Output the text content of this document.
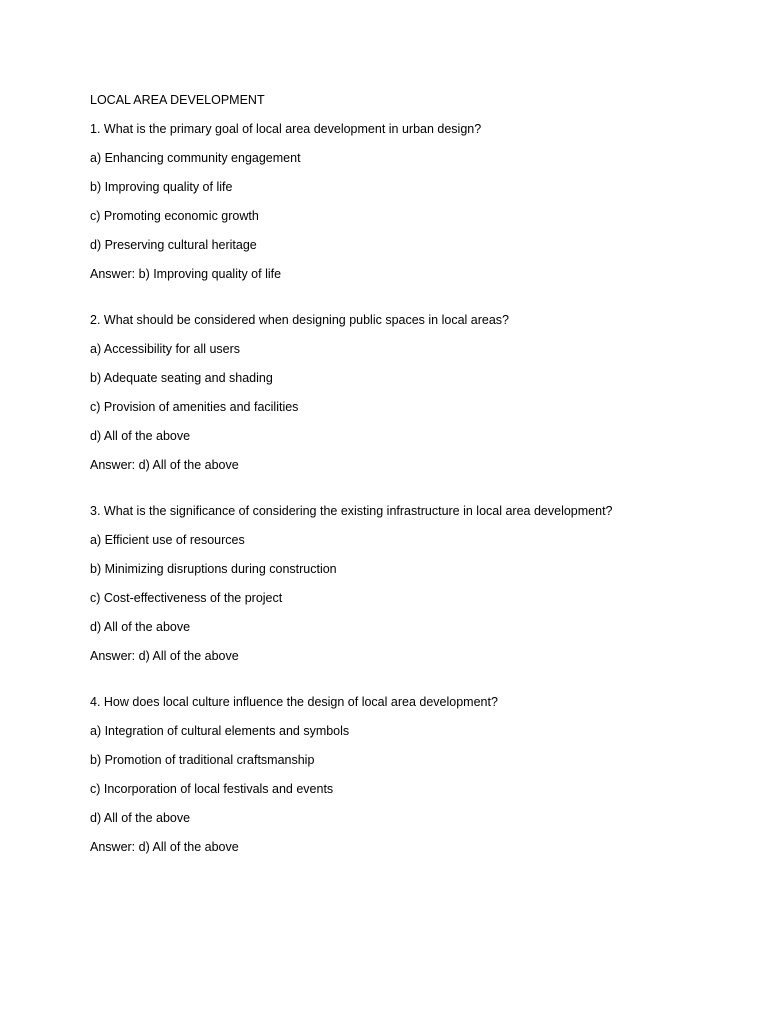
LOCAL AREA DEVELOPMENT
1. What is the primary goal of local area development in urban design?
a) Enhancing community engagement
b) Improving quality of life
c) Promoting economic growth
d) Preserving cultural heritage
Answer: b) Improving quality of life
2. What should be considered when designing public spaces in local areas?
a) Accessibility for all users
b) Adequate seating and shading
c) Provision of amenities and facilities
d) All of the above
Answer: d) All of the above
3. What is the significance of considering the existing infrastructure in local area development?
a) Efficient use of resources
b) Minimizing disruptions during construction
c) Cost-effectiveness of the project
d) All of the above
Answer: d) All of the above
4. How does local culture influence the design of local area development?
a) Integration of cultural elements and symbols
b) Promotion of traditional craftsmanship
c) Incorporation of local festivals and events
d) All of the above
Answer: d) All of the above
